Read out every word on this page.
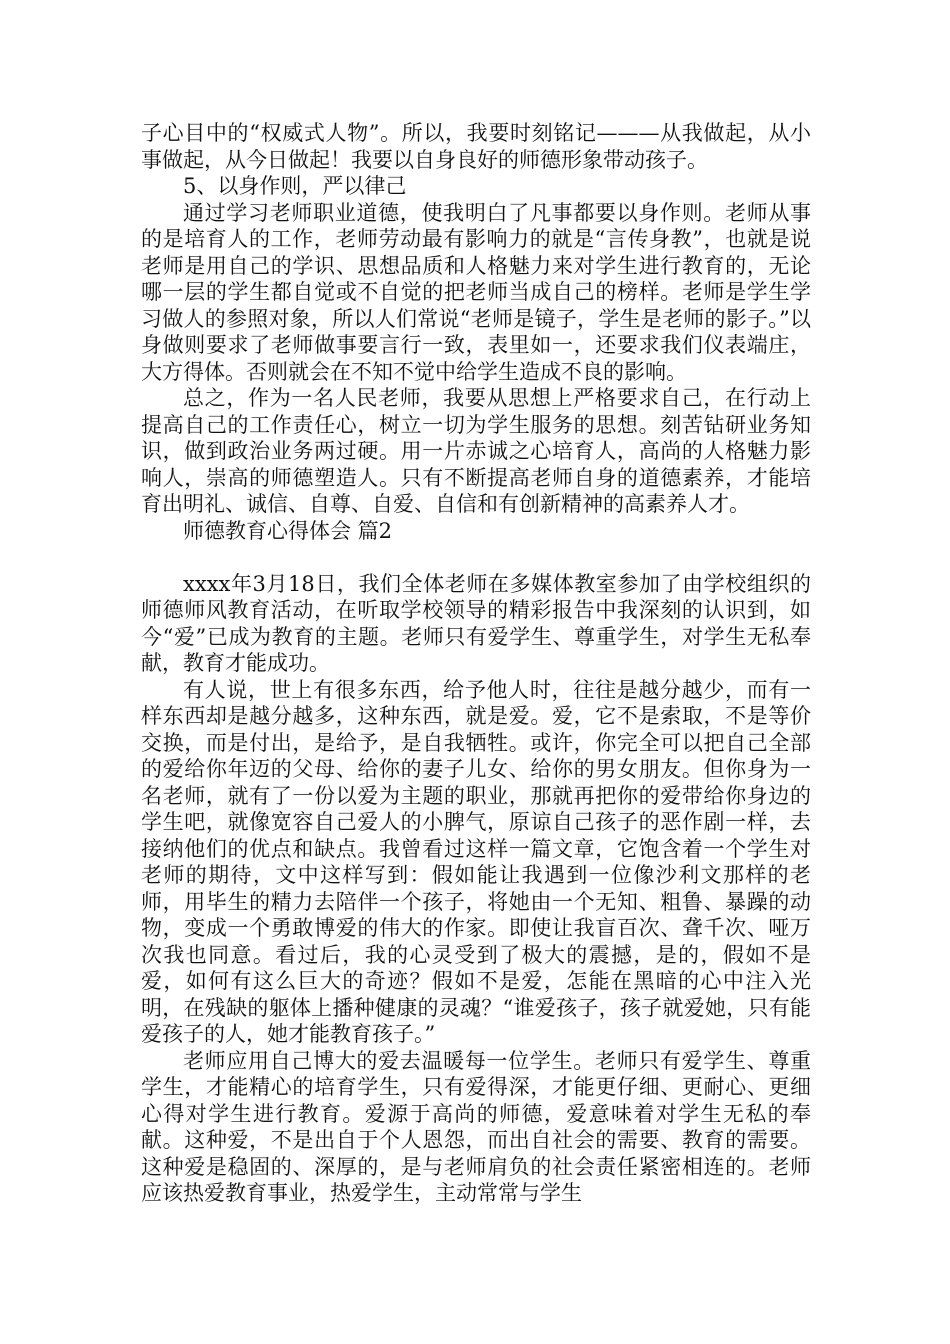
子心目中的“权威式人物”。所以，我要时刻铭记———从我做起，从小事做起，从今日做起！我要以自身良好的师德形象带动孩子。

5、以身作则，严以律己

通过学习老师职业道德，使我明白了凡事都要以身作则。老师从事的是培育人的工作，老师劳动最有影响力的就是“言传身教”，也就是说老师是用自己的学识、思想品质和人格魅力来对学生进行教育的，无论哪一层的学生都自觉或不自觉的把老师当成自己的榜样。老师是学生学习做人的参照对象，所以人们常说“老师是镜子，学生是老师的影子。”以身做则要求了老师做事要言行一致，表里如一，还要求我们仪表端庄，大方得体。否则就会在不知不觉中给学生造成不良的影响。

总之，作为一名人民老师，我要从思想上严格要求自己，在行动上提高自己的工作责任心，树立一切为学生服务的思想。刻苦钻研业务知识，做到政治业务两过硬。用一片赤诚之心培育人，高尚的人格魅力影响人，崇高的师德塑造人。只有不断提高老师自身的道德素养，才能培育出明礼、诚信、自尊、自爱、自信和有创新精神的高素养人才。

师德教育心得体会 篇2

xxxx年3月18日，我们全体老师在多媒体教室参加了由学校组织的师德师风教育活动，在听取学校领导的精彩报告中我深刻的认识到，如今“爱”已成为教育的主题。老师只有爱学生、尊重学生，对学生无私奉献，教育才能成功。

有人说，世上有很多东西，给予他人时，往往是越分越少，而有一样东西却是越分越多，这种东西，就是爱。爱，它不是索取，不是等价交换，而是付出，是给予，是自我牺牲。或许，你完全可以把自己全部的爱给你年迈的父母、给你的妻子儿女、给你的男女朋友。但你身为一名老师，就有了一份以爱为主题的职业，那就再把你的爱带给你身边的学生吧，就像宽容自己爱人的小脾气，原谅自己孩子的恶作剧一样，去接纳他们的优点和缺点。我曾看过这样一篇文章，它饱含着一个学生对老师的期待，文中这样写到：假如能让我遇到一位像沙利文那样的老师，用毕生的精力去陪伴一个孩子，将她由一个无知、粗鲁、暴躁的动物，变成一个勇敢博爱的伟大的作家。即使让我盲百次、聋千次、哑万次我也同意。看过后，我的心灵受到了极大的震撼，是的，假如不是爱，如何有这么巨大的奇迹？假如不是爱，怎能在黑暗的心中注入光明，在残缺的躯体上播种健康的灵魂？“谁爱孩子，孩子就爱她，只有能爱孩子的人，她才能教育孩子。”

老师应用自己博大的爱去温暖每一位学生。老师只有爱学生、尊重学生，才能精心的培育学生，只有爱得深，才能更仔细、更耐心、更细心得对学生进行教育。爱源于高尚的师德，爱意味着对学生无私的奉献。这种爱，不是出自于个人恩怨，而出自社会的需要、教育的需要。这种爱是稳固的、深厚的，是与老师肩负的社会责任紧密相连的。老师应该热爱教育事业，热爱学生，主动常常与学生
